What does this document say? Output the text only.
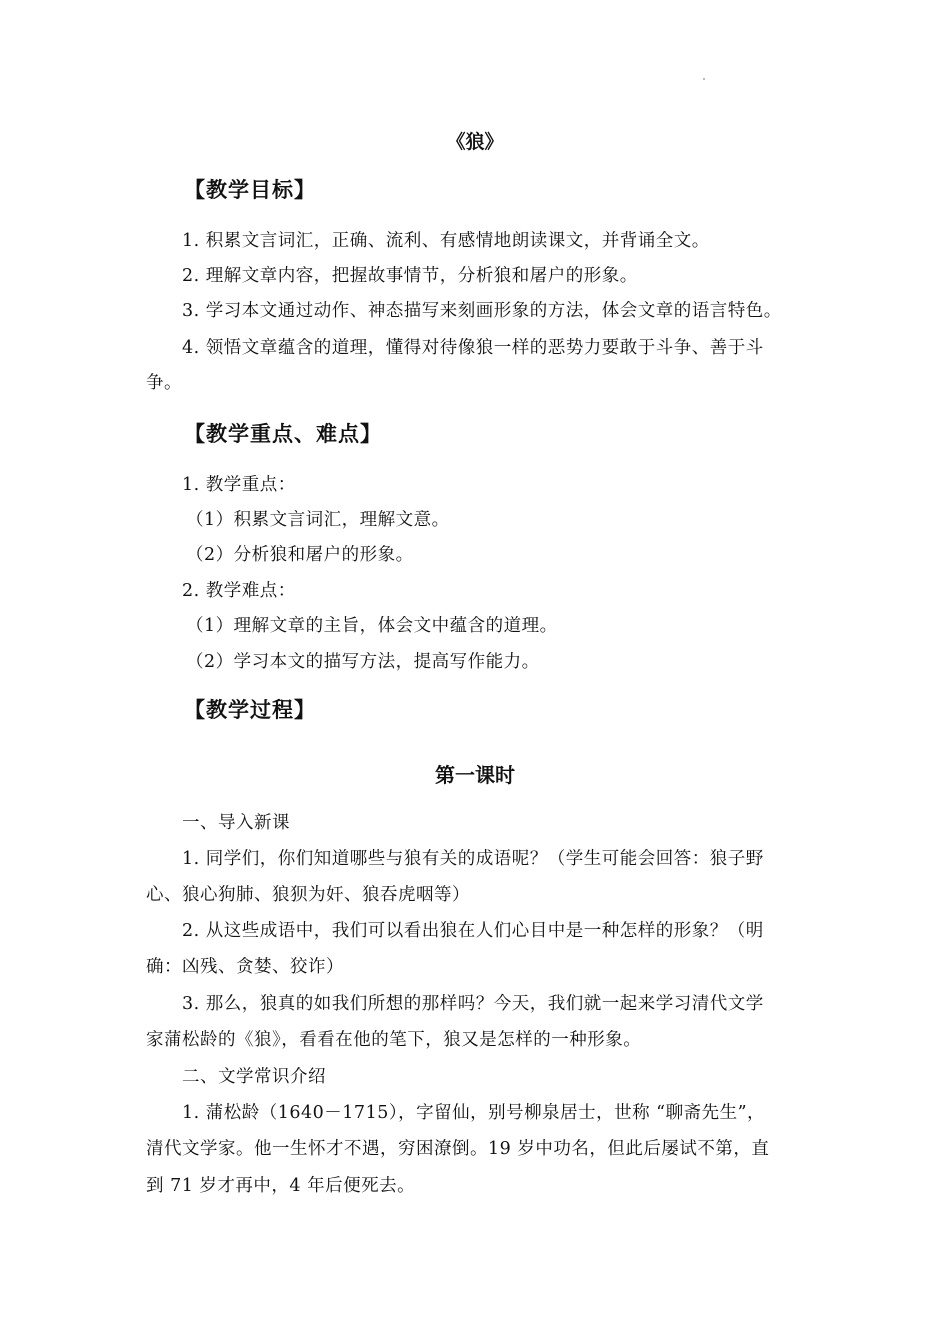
《狼》
【教学目标】
1. 积累文言词汇，正确、流利、有感情地朗读课文，并背诵全文。
2. 理解文章内容，把握故事情节，分析狼和屠户的形象。
3. 学习本文通过动作、神态描写来刻画形象的方法，体会文章的语言特色。
4. 领悟文章蕴含的道理，懂得对待像狼一样的恶势力要敢于斗争、善于斗
争。
【教学重点、难点】
1. 教学重点：
（1）积累文言词汇，理解文意。
（2）分析狼和屠户的形象。
2. 教学难点：
（1）理解文章的主旨，体会文中蕴含的道理。
（2）学习本文的描写方法，提高写作能力。
【教学过程】
第一课时
一、导入新课
1. 同学们，你们知道哪些与狼有关的成语呢？（学生可能会回答：狼子野
心、狼心狗肺、狼狈为奸、狼吞虎咽等）
2. 从这些成语中，我们可以看出狼在人们心目中是一种怎样的形象？（明
确：凶残、贪婪、狡诈）
3. 那么，狼真的如我们所想的那样吗？今天，我们就一起来学习清代文学
家蒲松龄的《狼》，看看在他的笔下，狼又是怎样的一种形象。
二、文学常识介绍
1. 蒲松龄（1640－1715），字留仙，别号柳泉居士，世称 “聊斋先生”，
清代文学家。他一生怀才不遇，穷困潦倒。19 岁中功名，但此后屡试不第，直
到 71 岁才再中，4 年后便死去。
